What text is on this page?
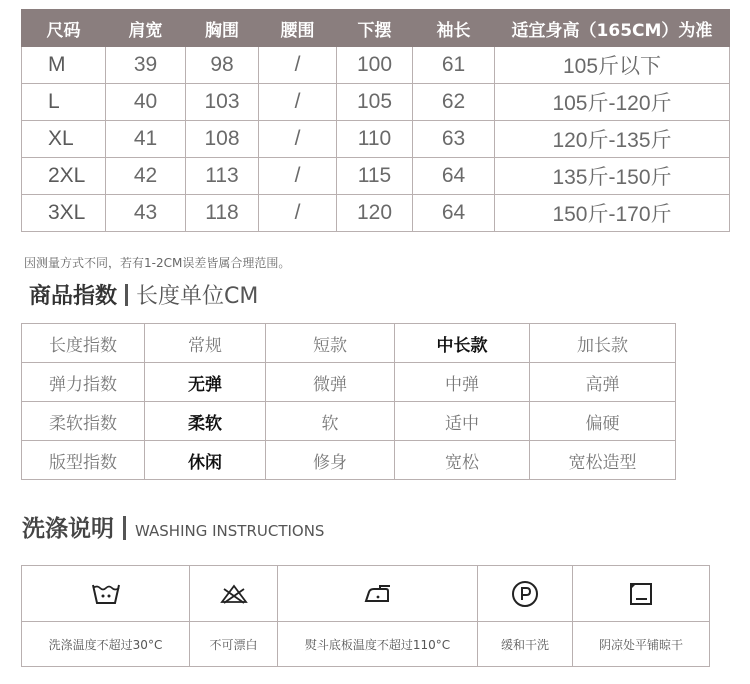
尺码	肩宽	胸围	腰围	下摆	袖长	适宜身高（165CM）为准
M	39	98	/	100	61	105斤以下
L	40	103	/	105	62	105斤-120斤
XL	41	108	/	110	63	120斤-135斤
2XL	42	113	/	115	64	135斤-150斤
3XL	43	118	/	120	64	150斤-170斤
因测量方式不同，若有1-2CM误差皆属合理范围。
商品指数 长度单位CM
长度指数	常规	短款	中长款	加长款
弹力指数	无弹	微弹	中弹	高弹
柔软指数	柔软	软	适中	偏硬
版型指数	休闲	修身	宽松	宽松造型
洗涤说明 WASHING INSTRUCTIONS

洗涤温度不超过30°C	不可漂白	熨斗底板温度不超过110°C	缓和干洗	阴凉处平铺晾干
